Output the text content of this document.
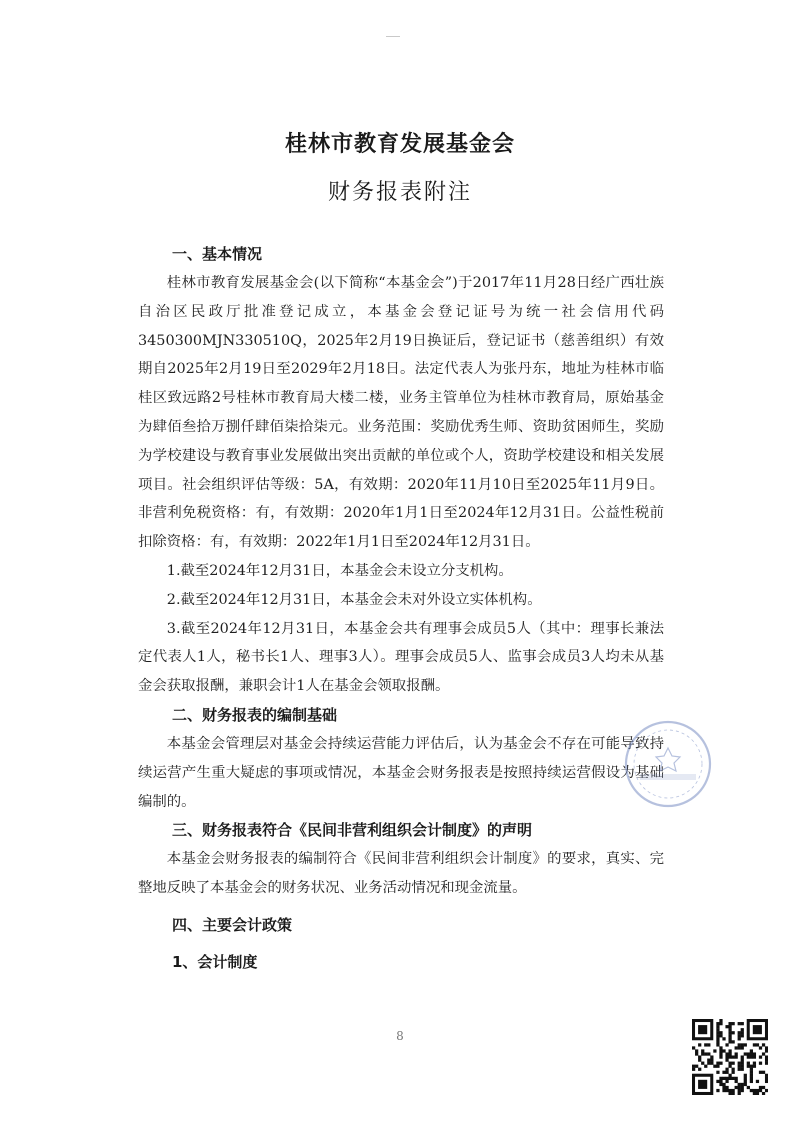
桂林市教育发展基金会
财务报表附注
一、基本情况
桂林市教育发展基金会(以下简称“本基金会”)于2017年11月28日经广西壮族自治区民政厅批准登记成立，本基金会登记证号为统一社会信用代码3450300MJN330510Q，2025年2月19日换证后，登记证书（慈善组织）有效期自2025年2月19日至2029年2月18日。法定代表人为张丹东，地址为桂林市临桂区致远路2号桂林市教育局大楼二楼，业务主管单位为桂林市教育局，原始基金为肆佰叁拾万捌仟肆佰柒拾柒元。业务范围：奖励优秀生师、资助贫困师生，奖励为学校建设与教育事业发展做出突出贡献的单位或个人，资助学校建设和相关发展项目。社会组织评估等级：5A，有效期：2020年11月10日至2025年11月9日。非营利免税资格：有，有效期：2020年1月1日至2024年12月31日。公益性税前扣除资格：有，有效期：2022年1月1日至2024年12月31日。
1.截至2024年12月31日，本基金会未设立分支机构。
2.截至2024年12月31日，本基金会未对外设立实体机构。
3.截至2024年12月31日，本基金会共有理事会成员5人（其中：理事长兼法定代表人1人，秘书长1人、理事3人）。理事会成员5人、监事会成员3人均未从基金会获取报酬，兼职会计1人在基金会领取报酬。
二、财务报表的编制基础
本基金会管理层对基金会持续运营能力评估后，认为基金会不存在可能导致持续运营产生重大疑虑的事项或情况，本基金会财务报表是按照持续运营假设为基础编制的。
三、财务报表符合《民间非营利组织会计制度》的声明
本基金会财务报表的编制符合《民间非营利组织会计制度》的要求，真实、完整地反映了本基金会的财务状况、业务活动情况和现金流量。
四、主要会计政策
1、会计制度
8
